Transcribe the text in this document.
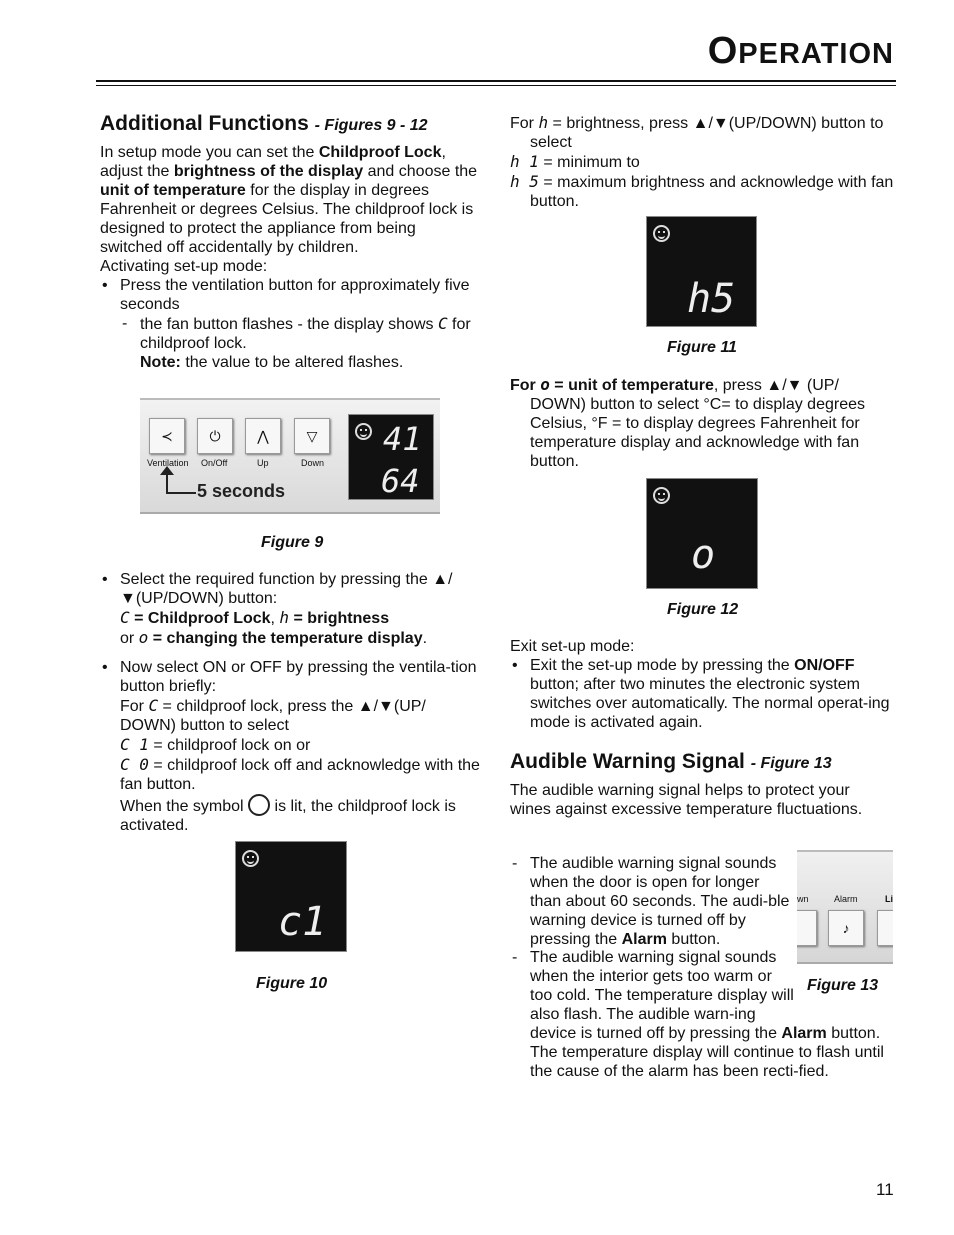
OPERATION
Additional Functions - Figures 9 - 12

In setup mode you can set the Childproof Lock, adjust the brightness of the display and choose the unit of temperature for the display in degrees Fahrenheit or degrees Celsius. The childproof lock is designed to protect the appliance from being switched off accidentally by children.

Activating set-up mode:

• Press the ventilation button for approximately five seconds
- the fan button flashes - the display shows C for childproof lock.
Note: the value to be altered flashes.
≺	⏻	⋀	▽
Ventilation On/Off	Up	Down
41
64
5 seconds
Figure 9
• Select the required function by pressing the ▲/▼(UP/DOWN) button:
C = Childproof Lock, h = brightness
or o = changing the temperature display.
• Now select ON or OFF by pressing the ventila-tion button briefly:
For C = childproof lock, press the ▲/▼(UP/ DOWN) button to select
C 1 = childproof lock on or
C 0 = childproof lock off and acknowledge with the fan button.
When the symbol  is lit, the childproof lock is activated.
c1
Figure 10

For h = brightness, press ▲/▼(UP/DOWN) button to select

h 1 = minimum to

h 5 = maximum brightness and acknowledge with fan button.

h5
Figure 11

For o = unit of temperature, press ▲/▼ (UP/ DOWN) button to select °C= to display degrees Celsius, °F = to display degrees Fahrenheit for temperature display and acknowledge with fan button.

o
Figure 12

Exit set-up mode:

• Exit the set-up mode by pressing the ON/OFF button; after two minutes the electronic system switches over automatically. The normal operat-ing mode is activated again.
Audible Warning Signal - Figure 13

The audible warning signal helps to protect your wines against excessive temperature fluctuations.

- The audible warning signal sounds when the door is open for longer than about 60 seconds. The audi-ble warning device is turned off by pressing the Alarm button.
- The audible warning signal sounds when the interior gets too warm or too cold. The temperature display will also flash. The audible warn-ing device is turned off by pressing the Alarm button. The temperature display will continue to flash until the cause of the alarm has been recti-fied.
wn	Alarm	Li
♪
Figure 13
11
